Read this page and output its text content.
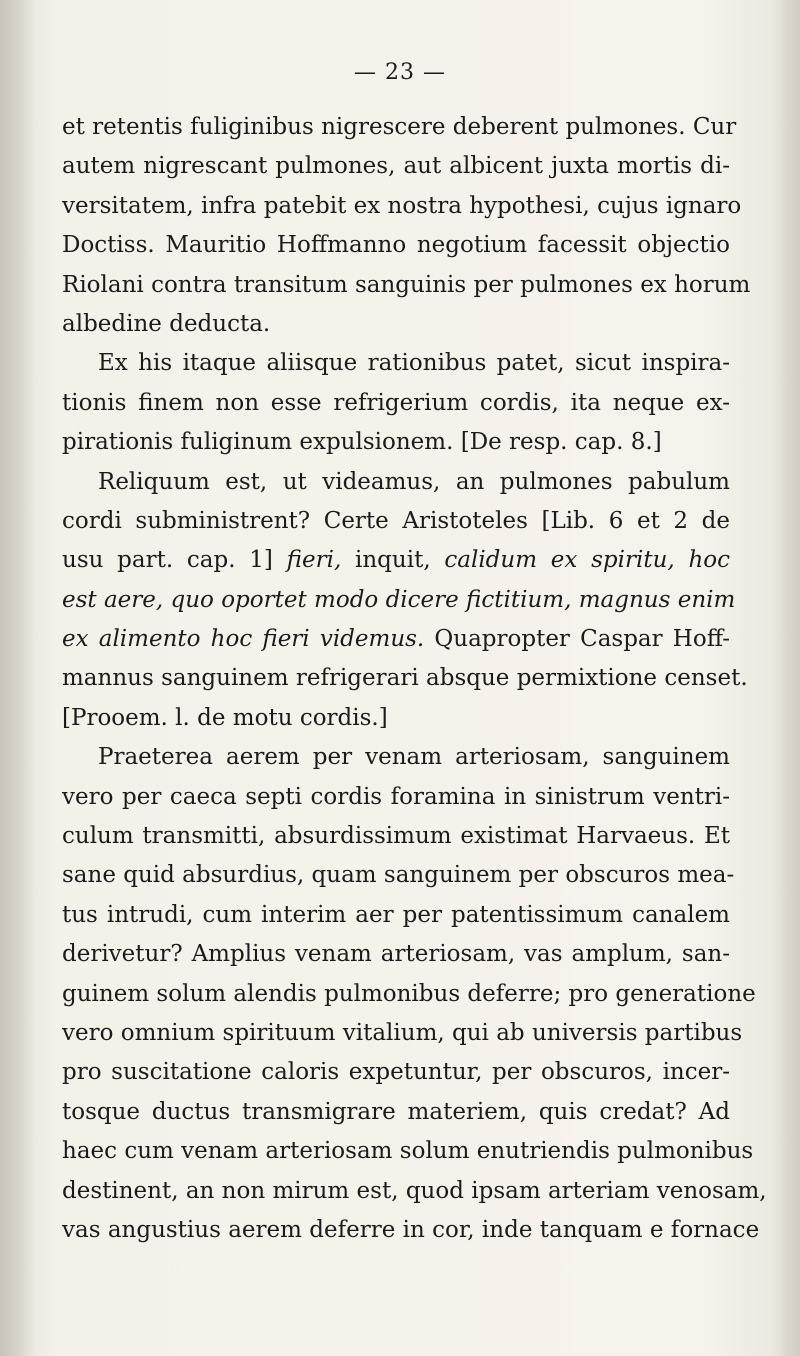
— 23 —
et retentis fuliginibus nigrescere deberent pulmones. Cur
autem nigrescant pulmones, aut albicent juxta mortis di-
versitatem, infra patebit ex nostra hypothesi, cujus ignaro
Doctiss. Mauritio Hoffmanno negotium facessit objectio
Riolani contra transitum sanguinis per pulmones ex horum
albedine deducta.
Ex his itaque aliisque rationibus patet, sicut inspira-
tionis finem non esse refrigerium cordis, ita neque ex-
pirationis fuliginum expulsionem. [De resp. cap. 8.]
Reliquum est, ut videamus, an pulmones pabulum
cordi subministrent? Certe Aristoteles [Lib. 6 et 2 de
usu part. cap. 1] fieri, inquit, calidum ex spiritu, hoc
est aere, quo oportet modo dicere fictitium, magnus enim
ex alimento hoc fieri videmus. Quapropter Caspar Hoff-
mannus sanguinem refrigerari absque permixtione censet.
[Prooem. l. de motu cordis.]
Praeterea aerem per venam arteriosam, sanguinem
vero per caeca septi cordis foramina in sinistrum ventri-
culum transmitti, absurdissimum existimat Harvaeus. Et
sane quid absurdius, quam sanguinem per obscuros mea-
tus intrudi, cum interim aer per patentissimum canalem
derivetur? Amplius venam arteriosam, vas amplum, san-
guinem solum alendis pulmonibus deferre; pro generatione
vero omnium spirituum vitalium, qui ab universis partibus
pro suscitatione caloris expetuntur, per obscuros, incer-
tosque ductus transmigrare materiem, quis credat? Ad
haec cum venam arteriosam solum enutriendis pulmonibus
destinent, an non mirum est, quod ipsam arteriam venosam,
vas angustius aerem deferre in cor, inde tanquam e fornace
